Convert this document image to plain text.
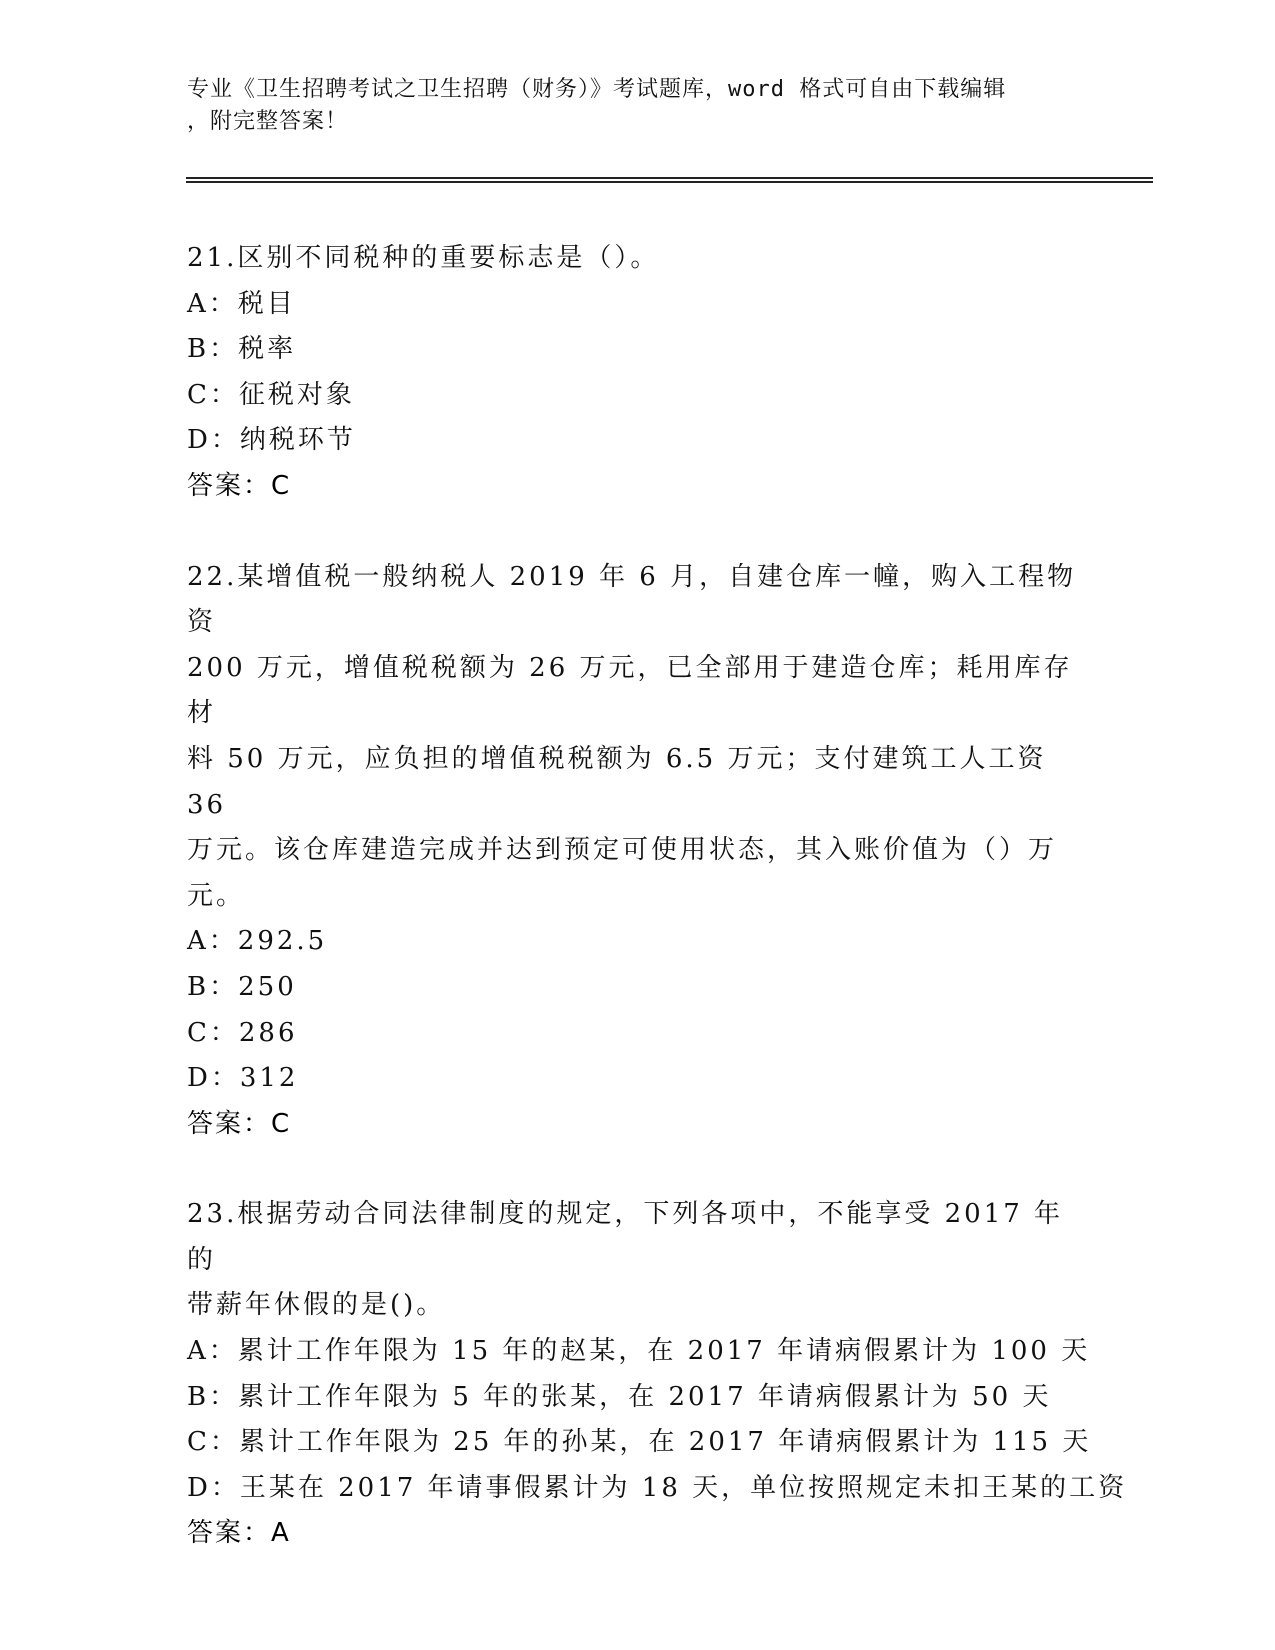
专业《卫生招聘考试之卫生招聘（财务）》考试题库，word 格式可自由下载编辑
，附完整答案！
21.区别不同税种的重要标志是（）。
A：税目
B：税率
C：征税对象
D：纳税环节
答案：C
22.某增值税一般纳税人 2019 年 6 月，自建仓库一幢，购入工程物资
200 万元，增值税税额为 26 万元，已全部用于建造仓库；耗用库存材
料 50 万元，应负担的增值税税额为 6.5 万元；支付建筑工人工资 36
万元。该仓库建造完成并达到预定可使用状态，其入账价值为（）万
元。
A：292.5
B：250
C：286
D：312
答案：C
23.根据劳动合同法律制度的规定，下列各项中，不能享受 2017 年的
带薪年休假的是()。
A：累计工作年限为 15 年的赵某，在 2017 年请病假累计为 100 天
B：累计工作年限为 5 年的张某，在 2017 年请病假累计为 50 天
C：累计工作年限为 25 年的孙某，在 2017 年请病假累计为 115 天
D：王某在 2017 年请事假累计为 18 天，单位按照规定未扣王某的工资
答案：A
